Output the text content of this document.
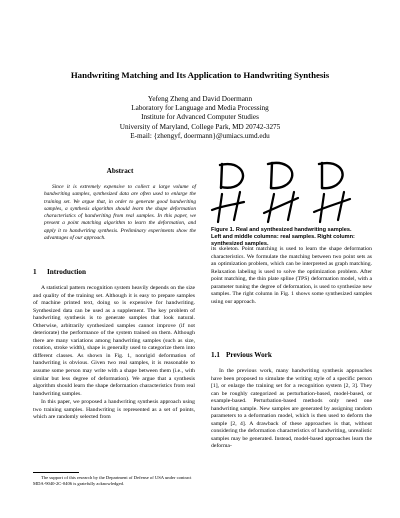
Handwriting Matching and Its Application to Handwriting Synthesis
Yefeng Zheng and David Doermann
Laboratory for Language and Media Processing
Institute for Advanced Computer Studies
University of Maryland, College Park, MD 20742-3275
E-mail: {zhengyf, doermann}@umiacs.umd.edu
Abstract

Since it is extremely expensive to collect a large volume of handwriting samples, synthesized data are often used to enlarge the training set. We argue that, in order to generate good handwriting samples, a synthesis algorithm should learn the shape deformation characteristics of handwriting from real samples. In this paper, we present a point matching algorithm to learn the deformation, and apply it to handwriting synthesis. Preliminary experiments show the advantages of our approach.

Figure 1. Real and synthesized handwriting samples. Left and middle columns: real samples. Right column: synthesized samples.

1 Introduction

A statistical pattern recognition system heavily depends on the size and quality of the training set. Although it is easy to prepare samples of machine printed text, doing so is expensive for handwriting. Synthesized data can be used as a supplement. The key problem of handwriting synthesis is to generate samples that look natural. Otherwise, arbitrarily synthesized samples cannot improve (if not deteriorate) the performance of the system trained on them. Although there are many variations among handwriting samples (such as size, rotation, stroke width), shape is generally used to categorize them into different classes. As shown in Fig. 1, nonrigid deformation of handwriting is obvious. Given two real samples, it is reasonable to assume some person may write with a shape between them (i.e., with similar but less degree of deformation). We argue that a synthesis algorithm should learn the shape deformation characteristics from real handwriting samples.

In this paper, we proposed a handwriting synthesis approach using two training samples. Handwriting is represented as a set of points, which are randomly selected from

its skeleton. Point matching is used to learn the shape deformation characteristics. We formulate the matching between two point sets as an optimization problem, which can be interpreted as graph matching. Relaxation labeling is used to solve the optimization problem. After point matching, the thin plate spline (TPS) deformation model, with a parameter tuning the degree of deformation, is used to synthesize new samples. The right column in Fig. 1 shows some synthesized samples using our approach.

1.1 Previous Work

In the previous work, many handwriting synthesis approaches have been proposed to simulate the writing style of a specific person [1], or enlarge the training set for a recognition system [2, 3]. They can be roughly categorized as perturbation-based, model-based, or example-based. Perturbation-based methods only need one handwriting sample. New samples are generated by assigning random parameters to a deformation model, which is then used to deform the sample [2, 4]. A drawback of these approaches is that, without considering the deformation characteristics of handwriting, unrealistic samples may be generated. Instead, model-based approaches learn the deforma-

The support of this research by the Department of Defense of USA under contract MDA-9040-2C-0406 is gratefully acknowledged.
